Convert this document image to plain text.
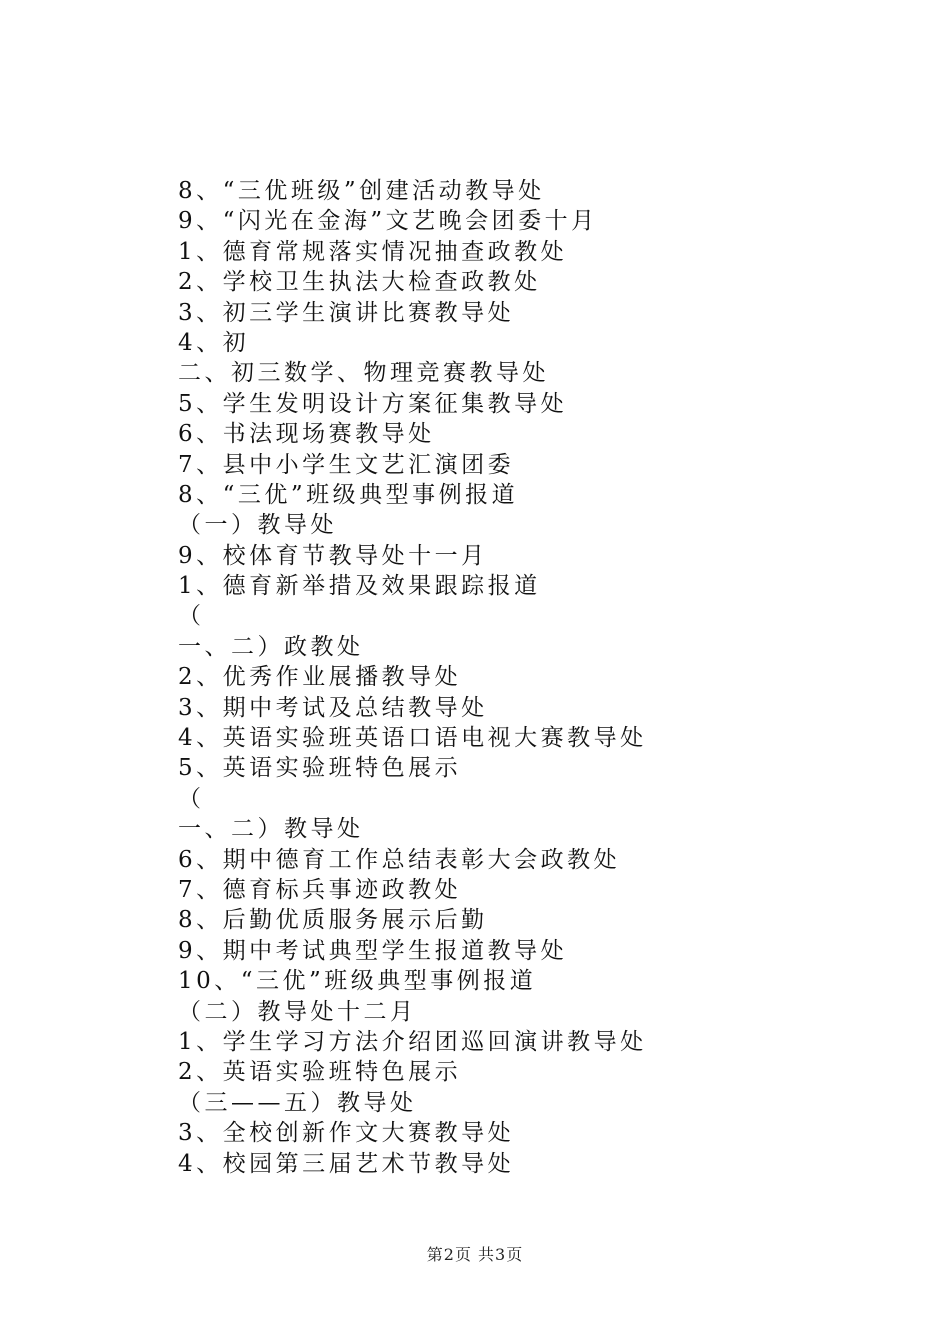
8、“三优班级”创建活动教导处
9、“闪光在金海”文艺晚会团委十月
1、德育常规落实情况抽查政教处
2、学校卫生执法大检查政教处
3、初三学生演讲比赛教导处
4、初
二、初三数学、物理竞赛教导处
5、学生发明设计方案征集教导处
6、书法现场赛教导处
7、县中小学生文艺汇演团委
8、“三优”班级典型事例报道
（一）教导处
9、校体育节教导处十一月
1、德育新举措及效果跟踪报道
（
一、二）政教处
2、优秀作业展播教导处
3、期中考试及总结教导处
4、英语实验班英语口语电视大赛教导处
5、英语实验班特色展示
（
一、二）教导处
6、期中德育工作总结表彰大会政教处
7、德育标兵事迹政教处
8、后勤优质服务展示后勤
9、期中考试典型学生报道教导处
10、“三优”班级典型事例报道
（二）教导处十二月
1、学生学习方法介绍团巡回演讲教导处
2、英语实验班特色展示
（三——五）教导处
3、全校创新作文大赛教导处
4、校园第三届艺术节教导处
第2页 共3页
